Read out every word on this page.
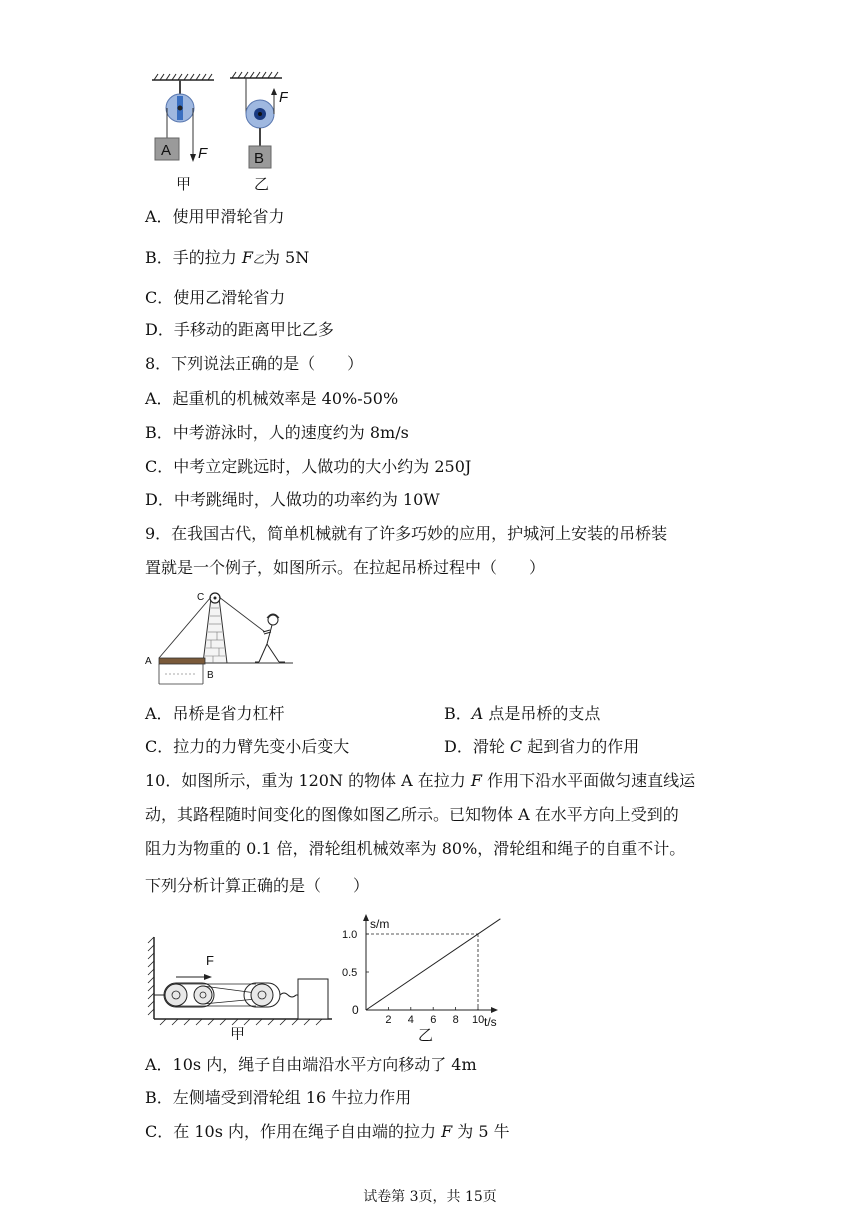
A F	B
F
甲	乙
A．使用甲滑轮省力
B．手的拉力 F乙为 5N
C．使用乙滑轮省力
D．手移动的距离甲比乙多
8．下列说法正确的是（　　）
A．起重机的机械效率是 40%-50%
B．中考游泳时，人的速度约为 8m/s
C．中考立定跳远时，人做功的大小约为 250J
D．中考跳绳时，人做功的功率约为 10W
9．在我国古代，简单机械就有了许多巧妙的应用，护城河上安装的吊桥装
置就是一个例子，如图所示。在拉起吊桥过程中（　　）
C
A
B
A．吊桥是省力杠杆	B．A 点是吊桥的支点
C．拉力的力臂先变小后变大	D．滑轮 C 起到省力的作用
10．如图所示，重为 120N 的物体 A 在拉力 F 作用下沿水平面做匀速直线运
动，其路程随时间变化的图像如图乙所示。已知物体 A 在水平方向上受到的
阻力为物重的 0.1 倍，滑轮组机械效率为 80%，滑轮组和绳子的自重不计。
下列分析计算正确的是（　　）
F
甲
s/m
t/s
0
2 4 6 8 10
0.5
1.0
乙
A．10s 内，绳子自由端沿水平方向移动了 4m
B．左侧墙受到滑轮组 16 牛拉力作用
C．在 10s 内，作用在绳子自由端的拉力 F 为 5 牛
试卷第 3页，共 15页
